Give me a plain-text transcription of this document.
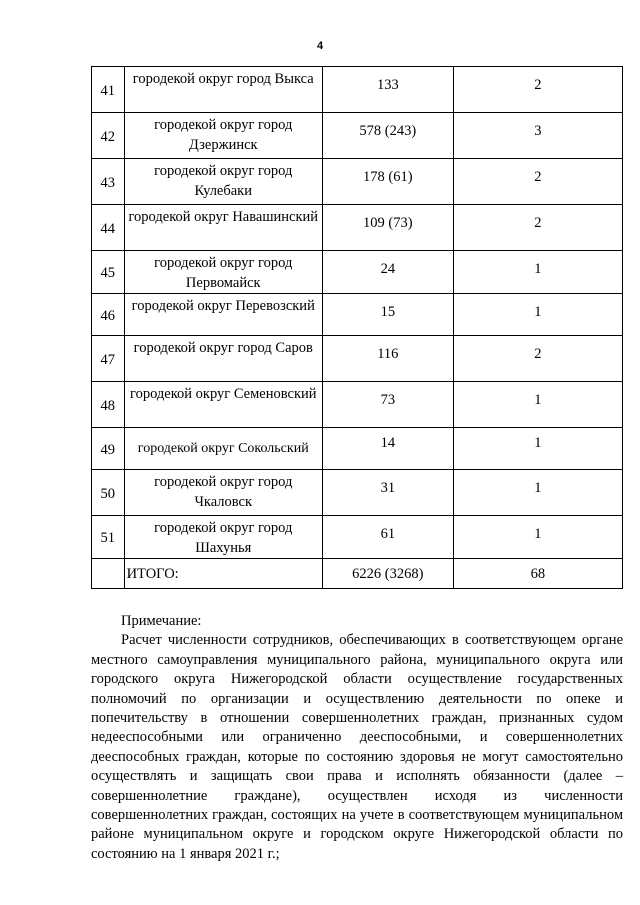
4
41	городекой округ город Выкса	133	2
42	городекой округ город Дзержинск	578 (243)	3
43	городекой округ город Кулебаки	178 (61)	2
44	городекой округ Навашинский	109 (73)	2
45	городекой округ город Первомайск	24	1
46	городекой округ Перевозский	15	1
47	городекой округ город Саров	116	2
48	городекой округ Семеновский	73	1
49	городекой округ Сокольский	14	1
50	городекой округ город Чкаловск	31	1
51	городекой округ город Шахунья	61	1
	ИТОГО:	6226 (3268)	68
Примечание:

Расчет численности сотрудников, обеспечивающих в соответствующем органе местного самоуправления муниципального района, муниципального округа или городского округа Нижегородской области осуществление государственных полномочий по организации и осуществлению деятельности по опеке и попечительству в отношении совершеннолетних граждан, признанных судом недееспособными или ограниченно дееспособными, и совершеннолетних дееспособных граждан, которые по состоянию здоровья не могут самостоятельно осуществлять и защищать свои права и исполнять обязанности (далее – совершеннолетние граждане), осуществлен исходя из численности совершеннолетних граждан, состоящих на учете в соответствующем муниципальном районе муниципальном округе и городском округе Нижегородской области по состоянию на 1 января 2021 г.;
